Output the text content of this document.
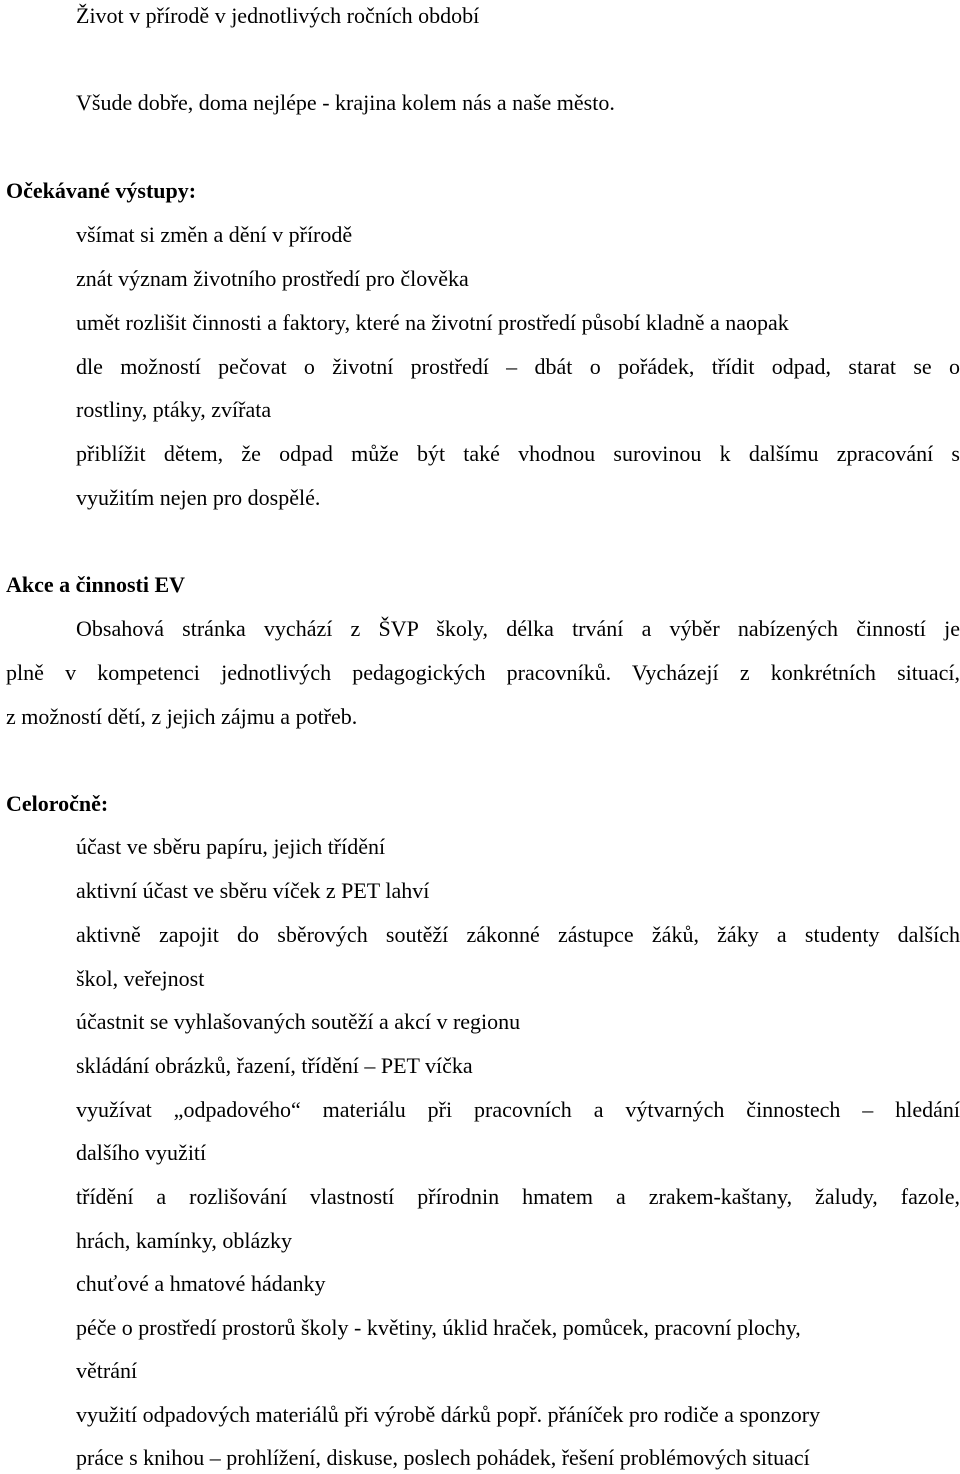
Život v přírodě v jednotlivých ročních období
Všude dobře, doma nejlépe - krajina kolem nás a naše město.
Očekávané výstupy:
všímat si změn a dění v přírodě
znát význam životního prostředí pro člověka
umět rozlišit činnosti a faktory, které na životní prostředí působí kladně a naopak
dle možností pečovat o životní prostředí – dbát o pořádek, třídit odpad, starat se o
rostliny, ptáky, zvířata
přiblížit dětem, že odpad může být také vhodnou surovinou k dalšímu zpracování s
využitím nejen pro dospělé.
Akce a činnosti EV
Obsahová stránka vychází z ŠVP školy, délka trvání a výběr nabízených činností je
plně v kompetenci jednotlivých pedagogických pracovníků. Vycházejí z konkrétních situací,
z možností dětí, z jejich zájmu a potřeb.
Celoročně:
účast ve sběru papíru, jejich třídění
aktivní účast ve sběru víček z PET lahví
aktivně zapojit do sběrových soutěží zákonné zástupce žáků, žáky a studenty dalších
škol, veřejnost
účastnit se vyhlašovaných soutěží a akcí v regionu
skládání obrázků, řazení, třídění – PET víčka
využívat „odpadového“ materiálu při pracovních a výtvarných činnostech – hledání
dalšího využití
třídění a rozlišování vlastností přírodnin hmatem a zrakem-kaštany, žaludy, fazole,
hrách, kamínky, oblázky
chuťové a hmatové hádanky
péče o prostředí prostorů školy - květiny, úklid hraček, pomůcek, pracovní plochy,
větrání
využití odpadových materiálů při výrobě dárků popř. přáníček pro rodiče a sponzory
práce s knihou – prohlížení, diskuse, poslech pohádek, řešení problémových situací
